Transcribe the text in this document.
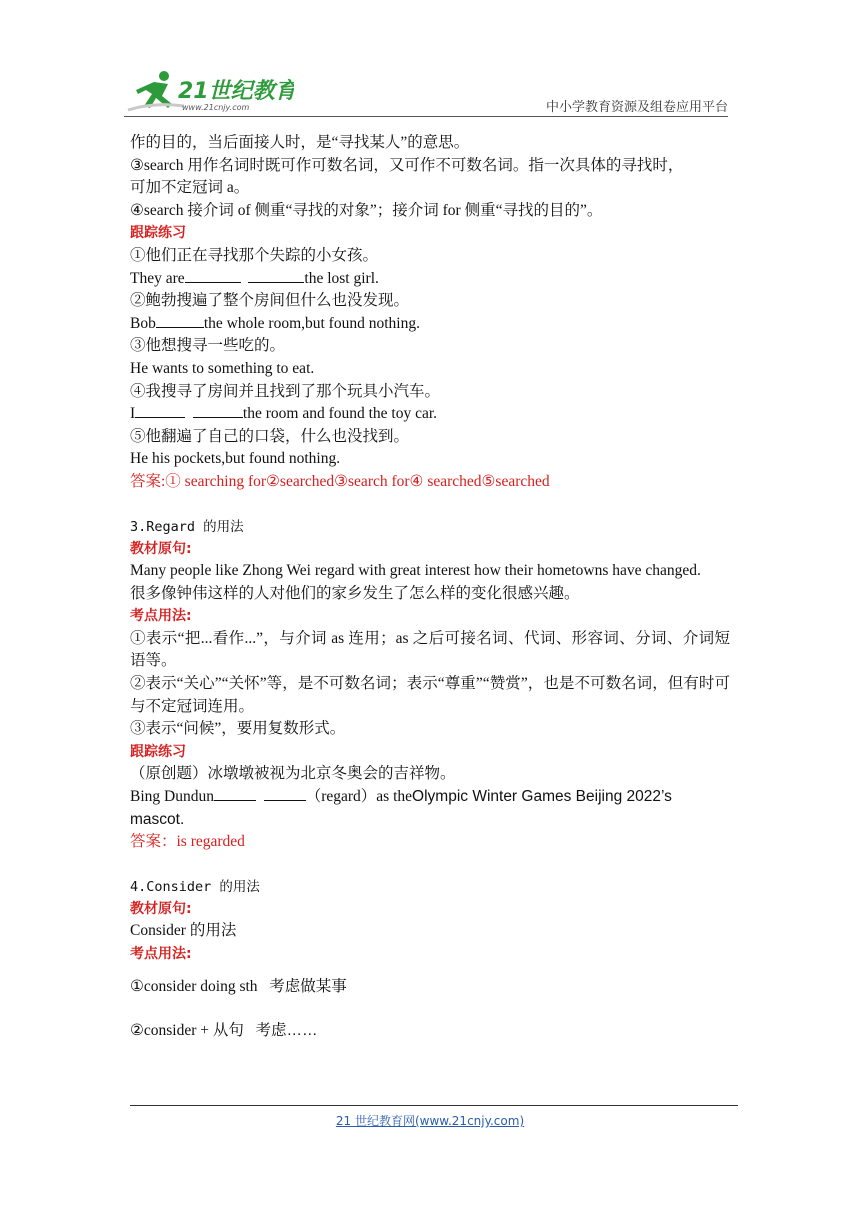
21世纪教育
www.21cnjy.com	中小学教育资源及组卷应用平台
作的目的，当后面接人时，是“寻找某人”的意思。
③search 用作名词时既可作可数名词，又可作不可数名词。指一次具体的寻找时，
可加不定冠词 a。
④search 接介词 of 侧重“寻找的对象”；接介词 for 侧重“寻找的目的”。
跟踪练习
①他们正在寻找那个失踪的小女孩。
They are	the lost girl.
②鲍勃搜遍了整个房间但什么也没发现。
Bob	the whole room,but found nothing.
③他想搜寻一些吃的。
He wants to something to eat.
④我搜寻了房间并且找到了那个玩具小汽车。
I	the room and found the toy car.
⑤他翻遍了自己的口袋，什么也没找到。
He his pockets,but found nothing.
答案:① searching for②searched③search for④ searched⑤searched
3.Regard 的用法
教材原句:
Many people like Zhong Wei regard with great interest how their hometowns have changed.
很多像钟伟这样的人对他们的家乡发生了怎么样的变化很感兴趣。
考点用法:
①表示“把...看作...”，与介词 as 连用；as 之后可接名词、代词、形容词、分词、介词短语等。
②表示“关心”“关怀”等，是不可数名词；表示“尊重”“赞赏”，也是不可数名词，但有时可与不定冠词连用。
③表示“问候”，要用复数形式。
跟踪练习
（原创题）冰墩墩被视为北京冬奥会的吉祥物。
Bing Dundun	（regard）as theOlympic Winter Games Beijing 2022’s mascot.
答案：is regarded
4.Consider 的用法
教材原句:
Consider 的用法
考点用法:
①consider doing sth 考虑做某事
②consider + 从句 考虑……
21 世纪教育网(www.21cnjy.com)
